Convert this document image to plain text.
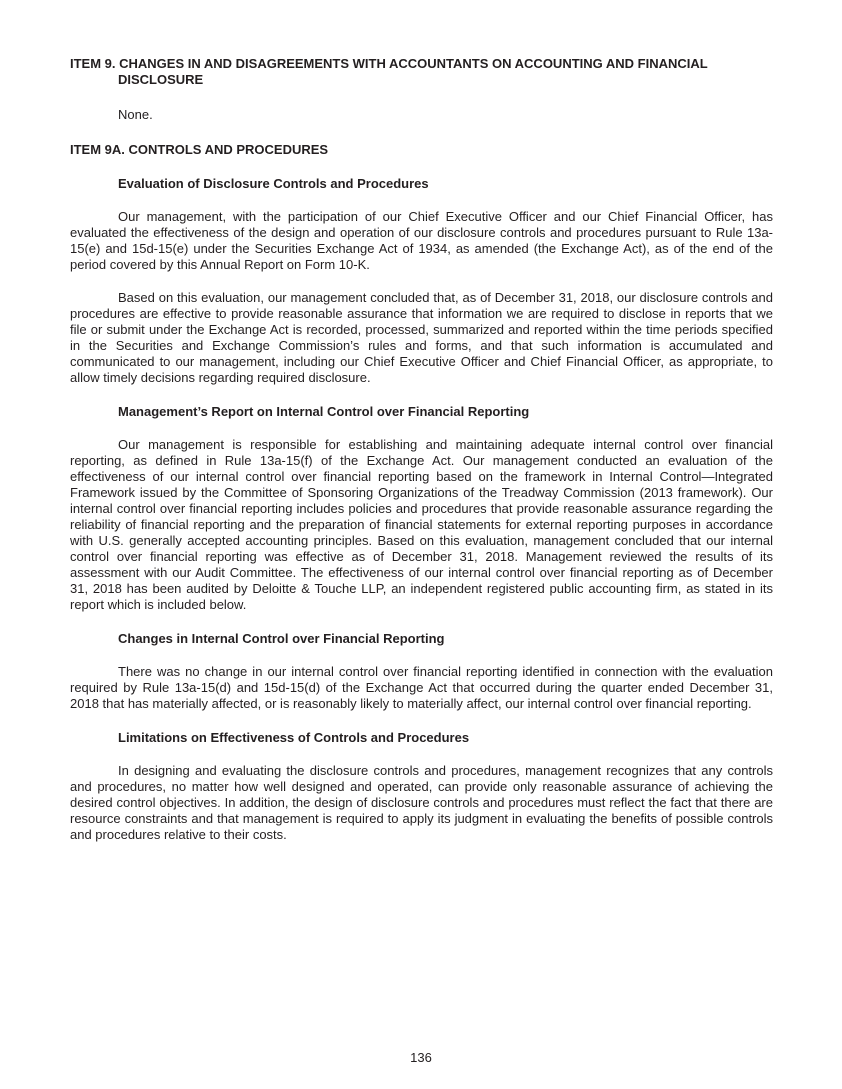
ITEM 9. CHANGES IN AND DISAGREEMENTS WITH ACCOUNTANTS ON ACCOUNTING AND FINANCIAL DISCLOSURE

None.

ITEM 9A. CONTROLS AND PROCEDURES

Evaluation of Disclosure Controls and Procedures

Our management, with the participation of our Chief Executive Officer and our Chief Financial Officer, has evaluated the effectiveness of the design and operation of our disclosure controls and procedures pursuant to Rule 13a-15(e) and 15d-15(e) under the Securities Exchange Act of 1934, as amended (the Exchange Act), as of the end of the period covered by this Annual Report on Form 10-K.

Based on this evaluation, our management concluded that, as of December 31, 2018, our disclosure controls and procedures are effective to provide reasonable assurance that information we are required to disclose in reports that we file or submit under the Exchange Act is recorded, processed, summarized and reported within the time periods specified in the Securities and Exchange Commission’s rules and forms, and that such information is accumulated and communicated to our management, including our Chief Executive Officer and Chief Financial Officer, as appropriate, to allow timely decisions regarding required disclosure.

Management’s Report on Internal Control over Financial Reporting

Our management is responsible for establishing and maintaining adequate internal control over financial reporting, as defined in Rule 13a-15(f) of the Exchange Act. Our management conducted an evaluation of the effectiveness of our internal control over financial reporting based on the framework in Internal Control—Integrated Framework issued by the Committee of Sponsoring Organizations of the Treadway Commission (2013 framework). Our internal control over financial reporting includes policies and procedures that provide reasonable assurance regarding the reliability of financial reporting and the preparation of financial statements for external reporting purposes in accordance with U.S. generally accepted accounting principles. Based on this evaluation, management concluded that our internal control over financial reporting was effective as of December 31, 2018. Management reviewed the results of its assessment with our Audit Committee. The effectiveness of our internal control over financial reporting as of December 31, 2018 has been audited by Deloitte & Touche LLP, an independent registered public accounting firm, as stated in its report which is included below.

Changes in Internal Control over Financial Reporting

There was no change in our internal control over financial reporting identified in connection with the evaluation required by Rule 13a-15(d) and 15d-15(d) of the Exchange Act that occurred during the quarter ended December 31, 2018 that has materially affected, or is reasonably likely to materially affect, our internal control over financial reporting.

Limitations on Effectiveness of Controls and Procedures

In designing and evaluating the disclosure controls and procedures, management recognizes that any controls and procedures, no matter how well designed and operated, can provide only reasonable assurance of achieving the desired control objectives. In addition, the design of disclosure controls and procedures must reflect the fact that there are resource constraints and that management is required to apply its judgment in evaluating the benefits of possible controls and procedures relative to their costs.

136
